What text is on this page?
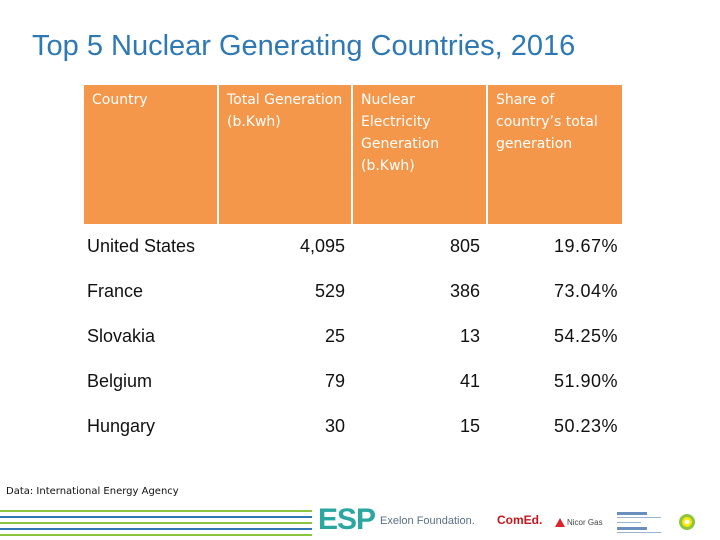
Top 5 Nuclear Generating Countries, 2016
Country	Total Generation (b.Kwh)	Nuclear Electricity Generation (b.Kwh)	Share of country’s total generation
United States	4,095	805	19.67%
France	529	386	73.04%
Slovakia	25	13	54.25%
Belgium	79	41	51.90%
Hungary	30	15	50.23%
Data: International Energy Agency
ESP Exelon Foundation. ComEd.	Nicor Gas
